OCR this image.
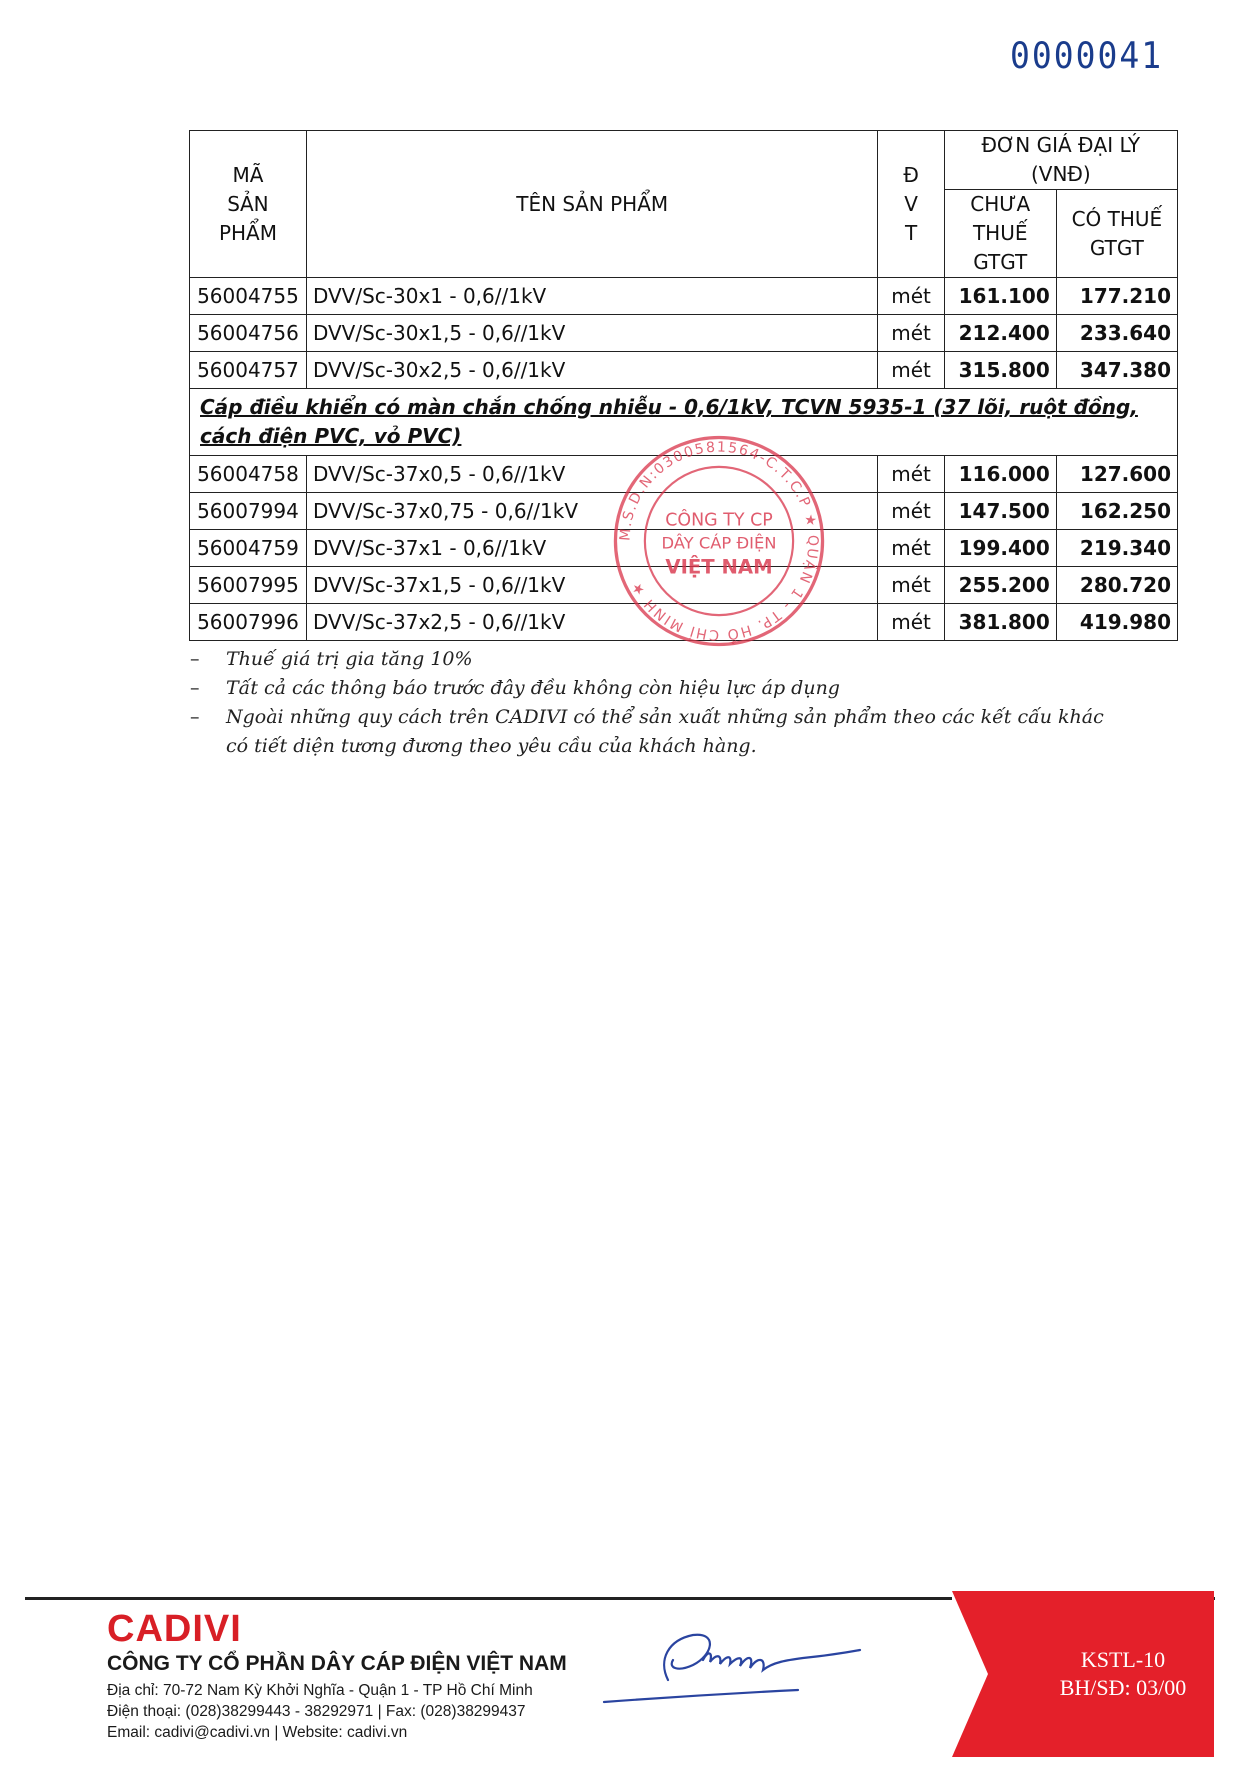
0000041
MÃ
SẢN
PHẨM	TÊN SẢN PHẨM	Đ
V
T	ĐƠN GIÁ ĐẠI LÝ (VNĐ)	

			CHƯA
THUẾ
GTGT	CÓ THUẾ
GTGT

56004755	DVV/Sc-30x1 - 0,6//1kV	mét	161.100	177.210
56004756	DVV/Sc-30x1,5 - 0,6//1kV	mét	212.400	233.640
56004757	DVV/Sc-30x2,5 - 0,6//1kV	mét	315.800	347.380
Cáp điều khiển có màn chắn chống nhiễu - 0,6/1kV, TCVN 5935-1 (37 lõi, ruột đồng, cách điện PVC, vỏ PVC)				
56004758	DVV/Sc-37x0,5 - 0,6//1kV	mét	116.000	127.600
56007994	DVV/Sc-37x0,75 - 0,6//1kV	mét	147.500	162.250
56004759	DVV/Sc-37x1 - 0,6//1kV	mét	199.400	219.340
56007995	DVV/Sc-37x1,5 - 0,6//1kV	mét	255.200	280.720
56007996	DVV/Sc-37x2,5 - 0,6//1kV	mét	381.800	419.980
–	Thuế giá trị gia tăng 10%
–	Tất cả các thông báo trước đây đều không còn hiệu lực áp dụng
–	Ngoài những quy cách trên CADIVI có thể sản xuất những sản phẩm theo các kết cấu khác có tiết diện tương đương theo yêu cầu của khách hàng.
M.S.D.N:0300581564-C.T.C.P ★ QUẬN 1 - TP. HỒ CHÍ MINH ★
CÔNG TY CP
DÂY CÁP ĐIỆN
VIỆT NAM
KSTL-10
BH/SĐ: 03/00
CADIVI
CÔNG TY CỔ PHẦN DÂY CÁP ĐIỆN VIỆT NAM
Địa chỉ: 70-72 Nam Kỳ Khởi Nghĩa - Quận 1 - TP Hồ Chí Minh
Điện thoại: (028)38299443 - 38292971 | Fax: (028)38299437
Email: cadivi@cadivi.vn | Website: cadivi.vn
